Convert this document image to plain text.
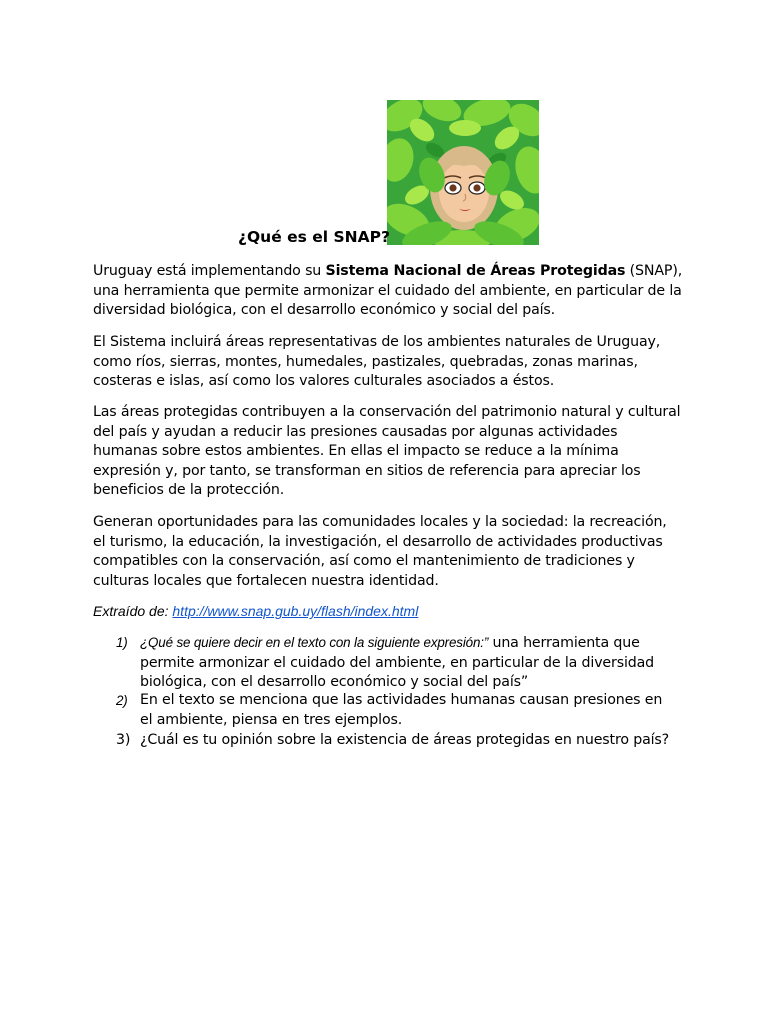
¿Qué es el SNAP?

Uruguay está implementando su Sistema Nacional de Áreas Protegidas (SNAP), una herramienta que permite armonizar el cuidado del ambiente, en particular de la diversidad biológica, con el desarrollo económico y social del país.

El Sistema incluirá áreas representativas de los ambientes naturales de Uruguay, como ríos, sierras, montes, humedales, pastizales, quebradas, zonas marinas, costeras e islas, así como los valores culturales asociados a éstos.

Las áreas protegidas contribuyen a la conservación del patrimonio natural y cultural del país y ayudan a reducir las presiones causadas por algunas actividades humanas sobre estos ambientes. En ellas el impacto se reduce a la mínima expresión y, por tanto, se transforman en sitios de referencia para apreciar los beneficios de la protección.

Generan oportunidades para las comunidades locales y la sociedad: la recreación, el turismo, la educación, la investigación, el desarrollo de actividades productivas compatibles con la conservación, así como el mantenimiento de tradiciones y culturas locales que fortalecen nuestra identidad.

Extraído de: http://www.snap.gub.uy/flash/index.html
1) ¿Qué se quiere decir en el texto con la siguiente expresión:” una herramienta que permite armonizar el cuidado del ambiente, en particular de la diversidad biológica, con el desarrollo económico y social del país”
2) En el texto se menciona que las actividades humanas causan presiones en el ambiente, piensa en tres ejemplos.
3) ¿Cuál es tu opinión sobre la existencia de áreas protegidas en nuestro país?
